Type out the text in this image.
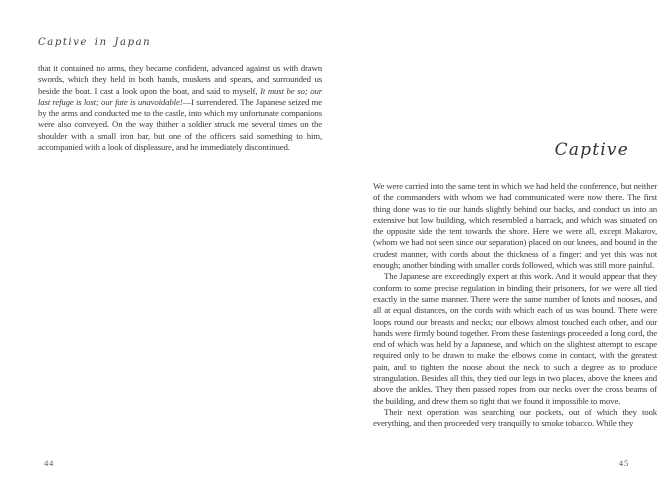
Captive in Japan

that it contained no arms, they became confident, advanced against us with drawn swords, which they held in both hands, muskets and spears, and surrounded us beside the boat. I cast a look upon the boat, and said to myself, It must be so; our last refuge is lost; our fate is unavoidable!—I surrendered. The Japanese seized me by the arms and conducted me to the castle, into which my unfortunate companions were also conveyed. On the way thither a soldier struck me several times on the shoulder with a small iron bar, but one of the officers said something to him, accompanied with a look of displeasure, and he immediately discontinued.

44
Captive

We were carried into the same tent in which we had held the conference, but neither of the commanders with whom we had communicated were now there. The first thing done was to tie our hands slightly behind our backs, and conduct us into an extensive but low building, which resembled a barrack, and which was situated on the opposite side the tent towards the shore. Here we were all, except Makarov, (whom we had not seen since our separation) placed on our knees, and bound in the crudest manner, with cords about the thickness of a finger: and yet this was not enough; another binding with smaller cords followed, which was still more painful.

The Japanese are exceedingly expert at this work. And it would appear that they conform to some precise regulation in binding their prisoners, for we were all tied exactly in the same manner. There were the same number of knots and nooses, and all at equal distances, on the cords with which each of us was bound. There were loops round our breasts and necks; our elbows almost touched each other, and our hands were firmly bound together. From these fastenings proceeded a long cord, the end of which was held by a Japanese, and which on the slightest attempt to escape required only to be drawn to make the elbows come in contact, with the greatest pain, and to tighten the noose about the neck to such a degree as to produce strangulation. Besides all this, they tied our legs in two places, above the knees and above the ankles. They then passed ropes from our necks over the cross beams of the building, and drew them so tight that we found it impossible to move.

Their next operation was searching our pockets, out of which they took everything, and then proceeded very tranquilly to smoke tobacco. While they

45
